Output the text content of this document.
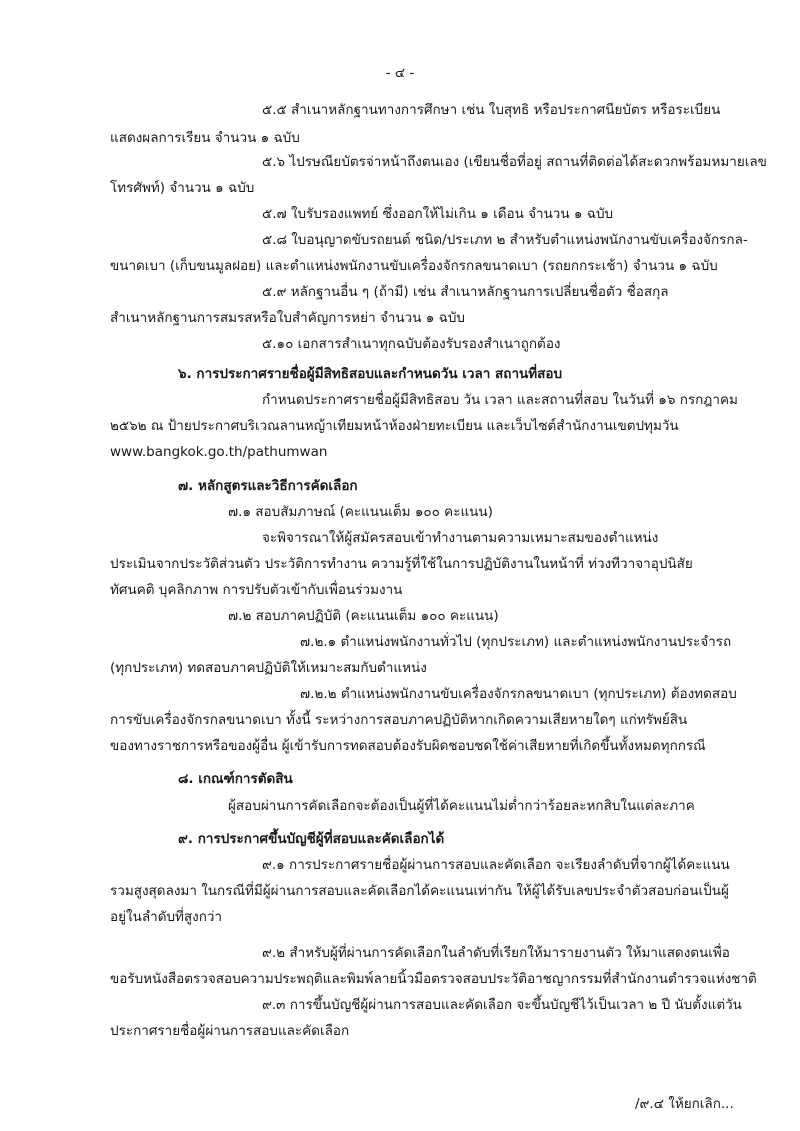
- ๔ -
๕.๕ สำเนาหลักฐานทางการศึกษา เช่น ใบสุทธิ หรือประกาศนียบัตร หรือระเบียน
แสดงผลการเรียน จำนวน ๑ ฉบับ
๕.๖ ไปรษณียบัตรจ่าหน้าถึงตนเอง (เขียนชื่อที่อยู่ สถานที่ติดต่อได้สะดวกพร้อมหมายเลข
โทรศัพท์) จำนวน ๑ ฉบับ
๕.๗ ใบรับรองแพทย์ ซึ่งออกให้ไม่เกิน ๑ เดือน จำนวน ๑ ฉบับ
๕.๘ ใบอนุญาตขับรถยนต์ ชนิด/ประเภท ๒ สำหรับตำแหน่งพนักงานขับเครื่องจักรกล-
ขนาดเบา (เก็บขนมูลฝอย) และตำแหน่งพนักงานขับเครื่องจักรกลขนาดเบา (รถยกกระเช้า) จำนวน ๑ ฉบับ
๕.๙ หลักฐานอื่น ๆ (ถ้ามี) เช่น สำเนาหลักฐานการเปลี่ยนชื่อตัว ชื่อสกุล
สำเนาหลักฐานการสมรสหรือใบสำคัญการหย่า จำนวน ๑ ฉบับ
๕.๑๐ เอกสารสำเนาทุกฉบับต้องรับรองสำเนาถูกต้อง
๖. การประกาศรายชื่อผู้มีสิทธิสอบและกำหนดวัน เวลา สถานที่สอบ
กำหนดประกาศรายชื่อผู้มีสิทธิสอบ วัน เวลา และสถานที่สอบ ในวันที่ ๑๖ กรกฎาคม
๒๕๖๒ ณ ป้ายประกาศบริเวณลานหญ้าเทียมหน้าห้องฝ่ายทะเบียน และเว็บไซต์สำนักงานเขตปทุมวัน
www.bangkok.go.th/pathumwan
๗. หลักสูตรและวิธีการคัดเลือก
๗.๑ สอบสัมภาษณ์ (คะแนนเต็ม ๑๐๐ คะแนน)
จะพิจารณาให้ผู้สมัครสอบเข้าทำงานตามความเหมาะสมของตำแหน่ง
ประเมินจากประวัติส่วนตัว ประวัติการทำงาน ความรู้ที่ใช้ในการปฏิบัติงานในหน้าที่ ท่วงทีวาจาอุปนิสัย
ทัศนคติ บุคลิกภาพ การปรับตัวเข้ากับเพื่อนร่วมงาน
๗.๒ สอบภาคปฏิบัติ (คะแนนเต็ม ๑๐๐ คะแนน)
๗.๒.๑ ตำแหน่งพนักงานทั่วไป (ทุกประเภท) และตำแหน่งพนักงานประจำรถ
(ทุกประเภท) ทดสอบภาคปฏิบัติให้เหมาะสมกับตำแหน่ง
๗.๒.๒ ตำแหน่งพนักงานขับเครื่องจักรกลขนาดเบา (ทุกประเภท) ต้องทดสอบ
การขับเครื่องจักรกลขนาดเบา ทั้งนี้ ระหว่างการสอบภาคปฏิบัติหากเกิดความเสียหายใดๆ แก่ทรัพย์สิน
ของทางราชการหรือของผู้อื่น ผู้เข้ารับการทดสอบต้องรับผิดชอบชดใช้ค่าเสียหายที่เกิดขึ้นทั้งหมดทุกกรณี
๘. เกณฑ์การตัดสิน
ผู้สอบผ่านการคัดเลือกจะต้องเป็นผู้ที่ได้คะแนนไม่ต่ำกว่าร้อยละหกสิบในแต่ละภาค
๙. การประกาศขึ้นบัญชีผู้ที่สอบและคัดเลือกได้
๙.๑ การประกาศรายชื่อผู้ผ่านการสอบและคัดเลือก จะเรียงลำดับที่จากผู้ได้คะแนน
รวมสูงสุดลงมา ในกรณีที่มีผู้ผ่านการสอบและคัดเลือกได้คะแนนเท่ากัน ให้ผู้ได้รับเลขประจำตัวสอบก่อนเป็นผู้
อยู่ในลำดับที่สูงกว่า
๙.๒ สำหรับผู้ที่ผ่านการคัดเลือกในลำดับที่เรียกให้มารายงานตัว ให้มาแสดงตนเพื่อ
ขอรับหนังสือตรวจสอบความประพฤติและพิมพ์ลายนิ้วมือตรวจสอบประวัติอาชญากรรมที่สำนักงานตำรวจแห่งชาติ
๙.๓ การขึ้นบัญชีผู้ผ่านการสอบและคัดเลือก จะขึ้นบัญชีไว้เป็นเวลา ๒ ปี นับตั้งแต่วัน
ประกาศรายชื่อผู้ผ่านการสอบและคัดเลือก
/๙.๔ ให้ยกเลิก...
